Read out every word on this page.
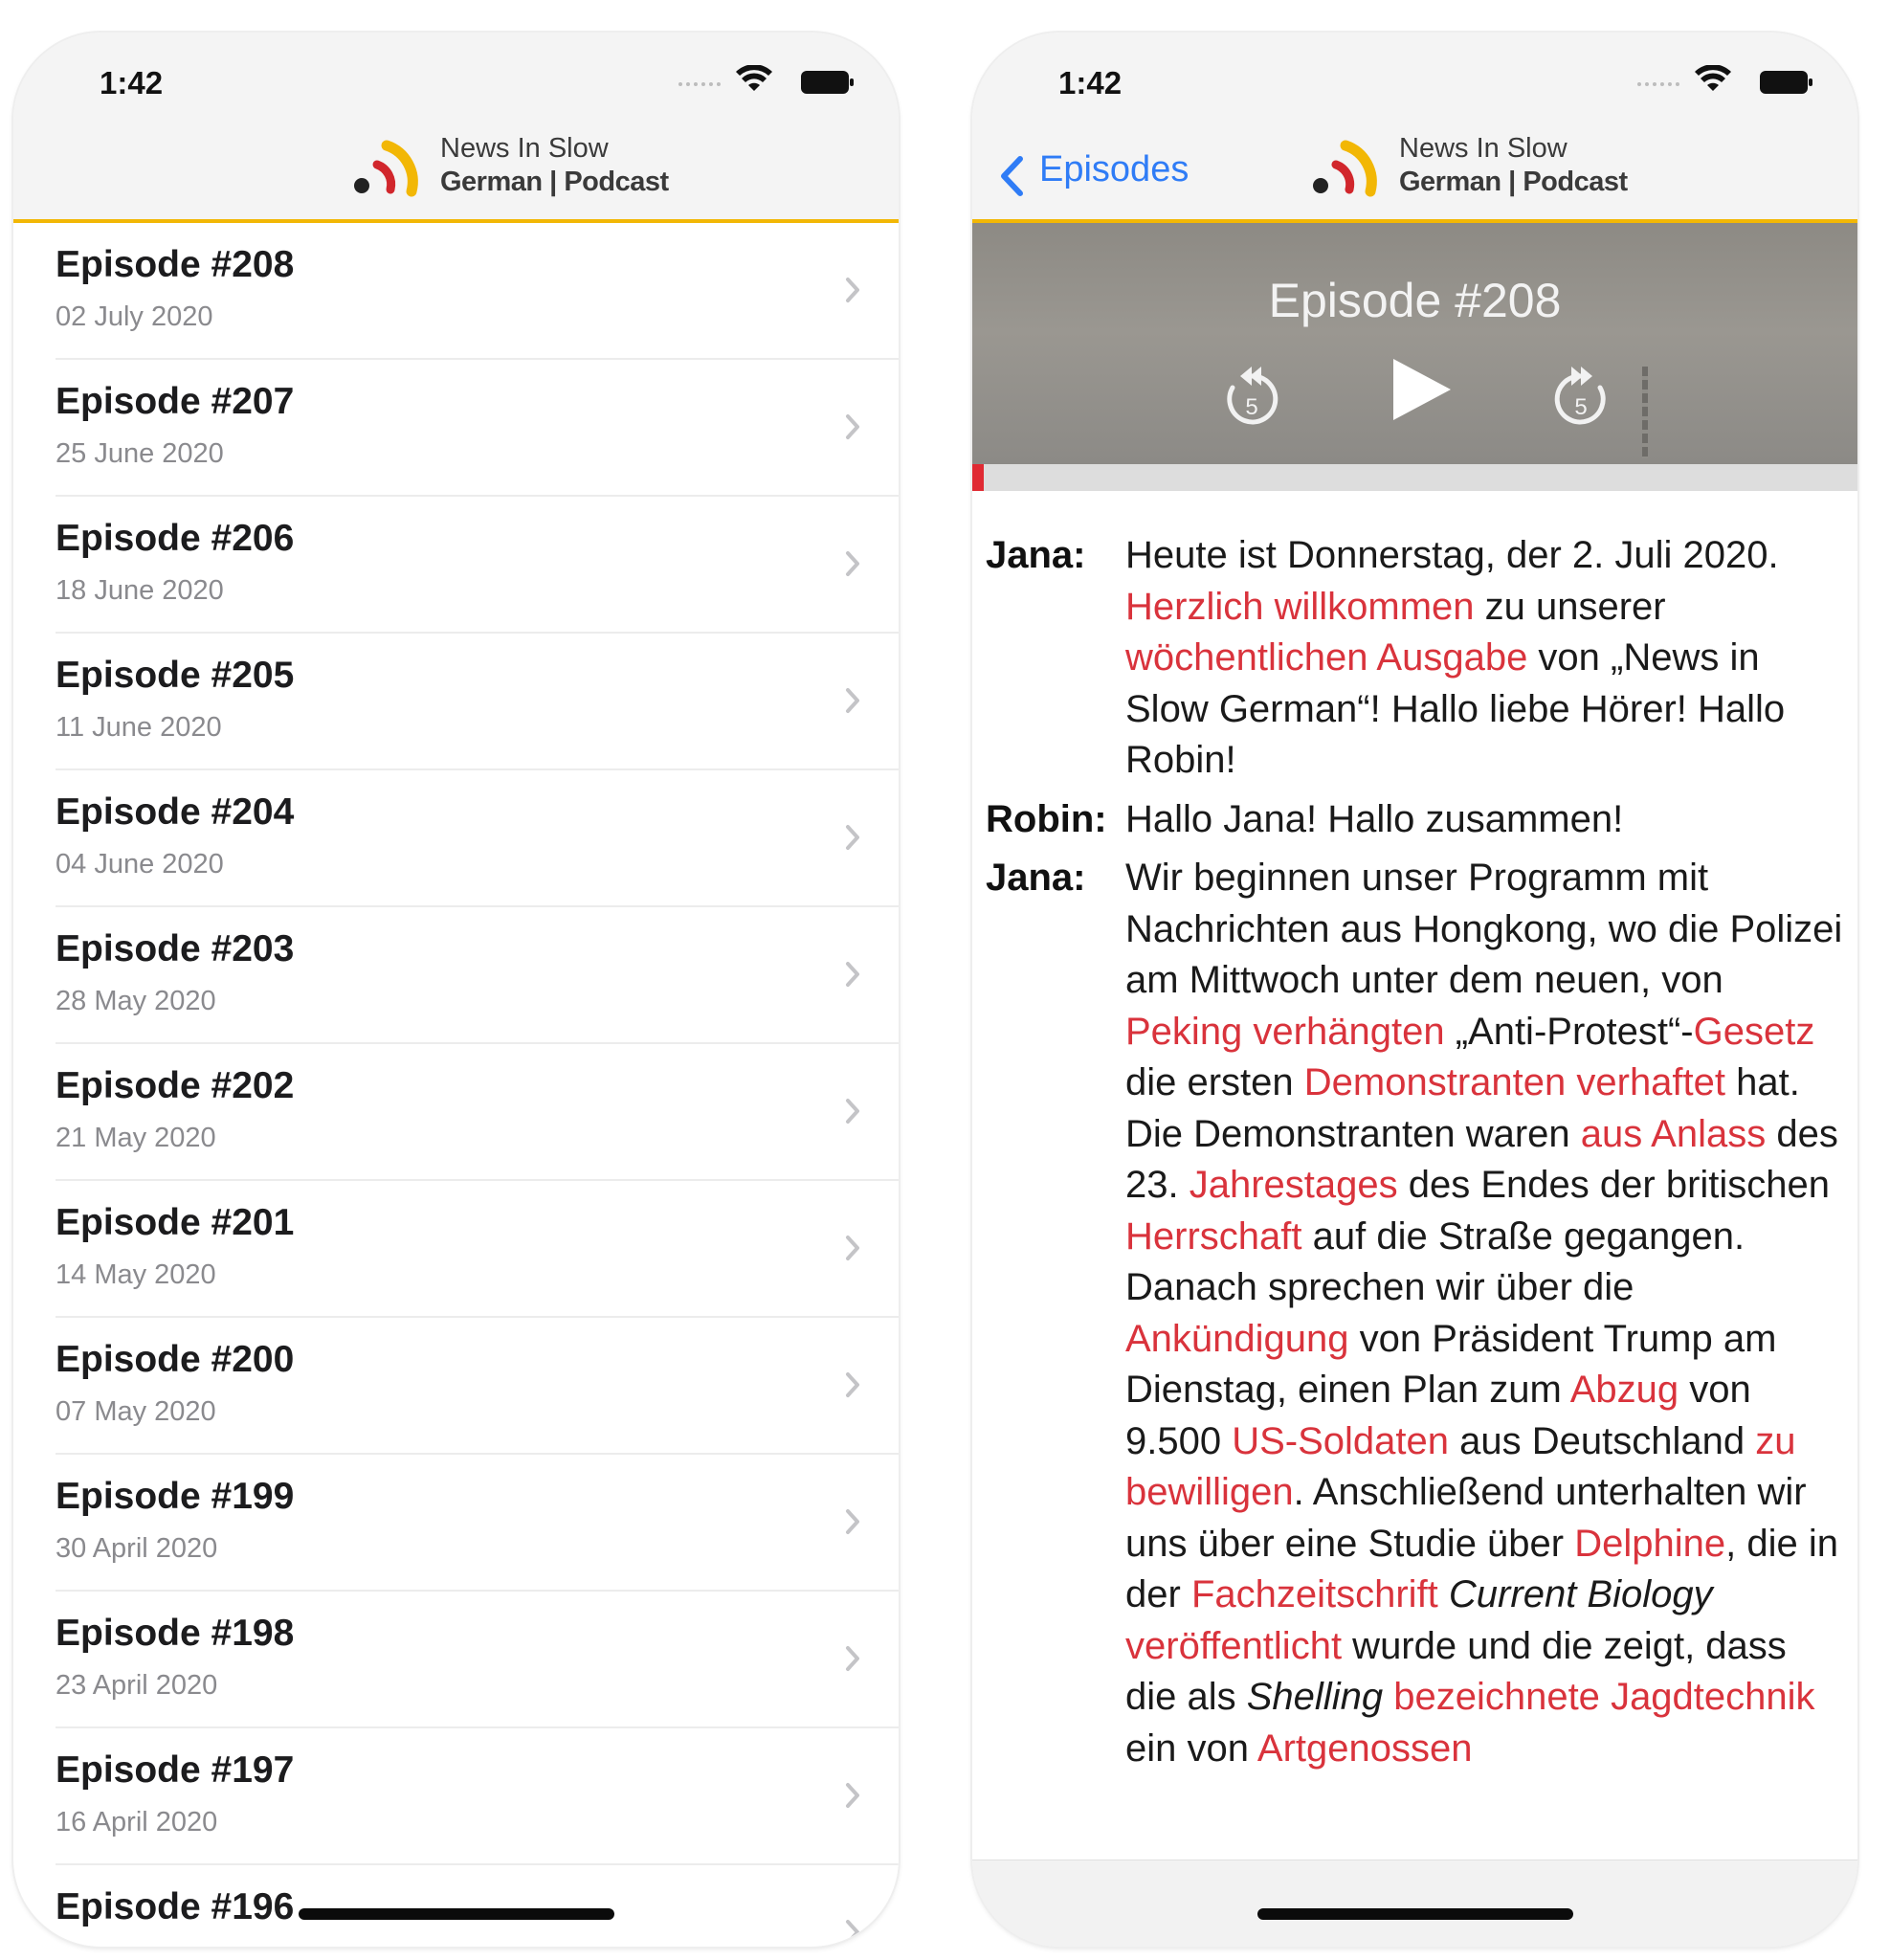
1:42
News In Slow
German | Podcast
Episode #208
02 July 2020
Episode #207
25 June 2020
Episode #206
18 June 2020
Episode #205
11 June 2020
Episode #204
04 June 2020
Episode #203
28 May 2020
Episode #202
21 May 2020
Episode #201
14 May 2020
Episode #200
07 May 2020
Episode #199
30 April 2020
Episode #198
23 April 2020
Episode #197
16 April 2020
Episode #196
1:42
Episodes
News In Slow
German | Podcast
Episode #208
5	5
Jana: Heute ist Donnerstag, der 2. Juli 2020. Herzlich willkommen zu unserer wöchentlichen Ausgabe von „News in Slow German“! Hallo liebe Hörer! Hallo Robin!
Robin: Hallo Jana! Hallo zusammen!
Jana: Wir beginnen unser Programm mit Nachrichten aus Hongkong, wo die Polizei am Mittwoch unter dem neuen, von Peking verhängten „Anti-Protest“-Gesetz die ersten Demonstranten verhaftet hat. Die Demonstranten waren aus Anlass des 23. Jahrestages des Endes der britischen Herrschaft auf die Straße gegangen. Danach sprechen wir über die Ankündigung von Präsident Trump am Dienstag, einen Plan zum Abzug von 9.500 US-Soldaten aus Deutschland zu bewilligen. Anschließend unterhalten wir uns über eine Studie über Delphine, die in der Fachzeitschrift Current Biology veröffentlicht wurde und die zeigt, dass die als Shelling bezeichnete Jagdtechnik ein von Artgenossen
